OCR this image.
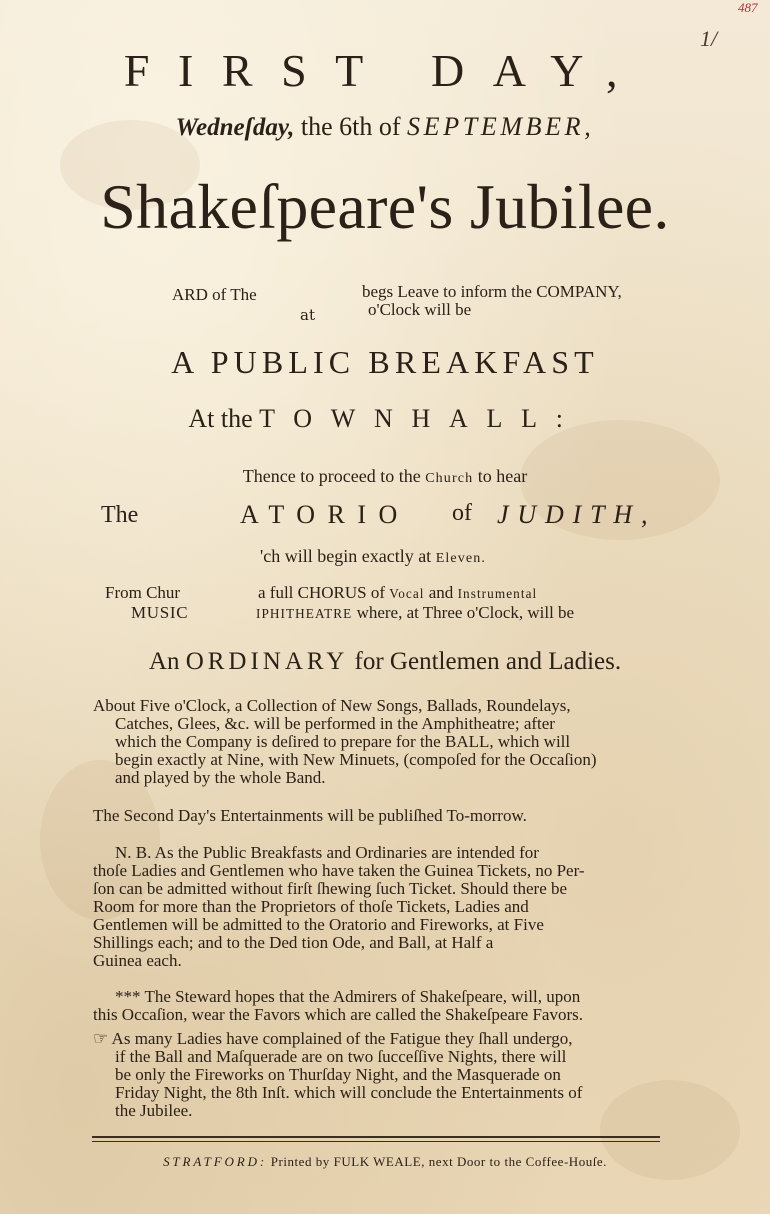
487
1/
FIRST DAY,
Wedneſday, the 6th of SEPTEMBER,
Shakeſpeare's Jubilee.
ARD of The
at
begs Leave to inform the COMPANY,
o'Clock will be
A PUBLIC BREAKFAST
At the TOWNHALL:
Thence to proceed to the Church to hear
The	ATORIO of JUDITH,
'ch will begin exactly at Eleven.
From Chur
MUSIC
a full CHORUS of Vocal and Instrumental
IPHITHEATRE where, at Three o'Clock, will be
An ORDINARY for Gentlemen and Ladies.
About Five o'Clock, a Collection of New Songs, Ballads, Roundelays,
Catches, Glees, &c. will be performed in the Amphitheatre; after
which the Company is deſired to prepare for the BALL, which will
begin exactly at Nine, with New Minuets, (compoſed for the Occaſion)
and played by the whole Band.
The Second Day's Entertainments will be publiſhed To-morrow.
N. B. As the Public Breakfasts and Ordinaries are intended for
thoſe Ladies and Gentlemen who have taken the Guinea Tickets, no Per-
ſon can be admitted without firſt ſhewing ſuch Ticket. Should there be
Room for more than the Proprietors of thoſe Tickets, Ladies and
Gentlemen will be admitted to the Oratorio and Fireworks, at Five
Shillings each; and to the Ded tion Ode, and Ball, at Half a
Guinea each.
*** The Steward hopes that the Admirers of Shakeſpeare, will, upon
this Occaſion, wear the Favors which are called the Shakeſpeare Favors.
☞ As many Ladies have complained of the Fatigue they ſhall undergo,
if the Ball and Maſquerade are on two ſucceſſive Nights, there will
be only the Fireworks on Thurſday Night, and the Masquerade on
Friday Night, the 8th Inſt. which will conclude the Entertainments of
the Jubilee.
STRATFORD: Printed by FULK WEALE, next Door to the Coffee-Houſe.
